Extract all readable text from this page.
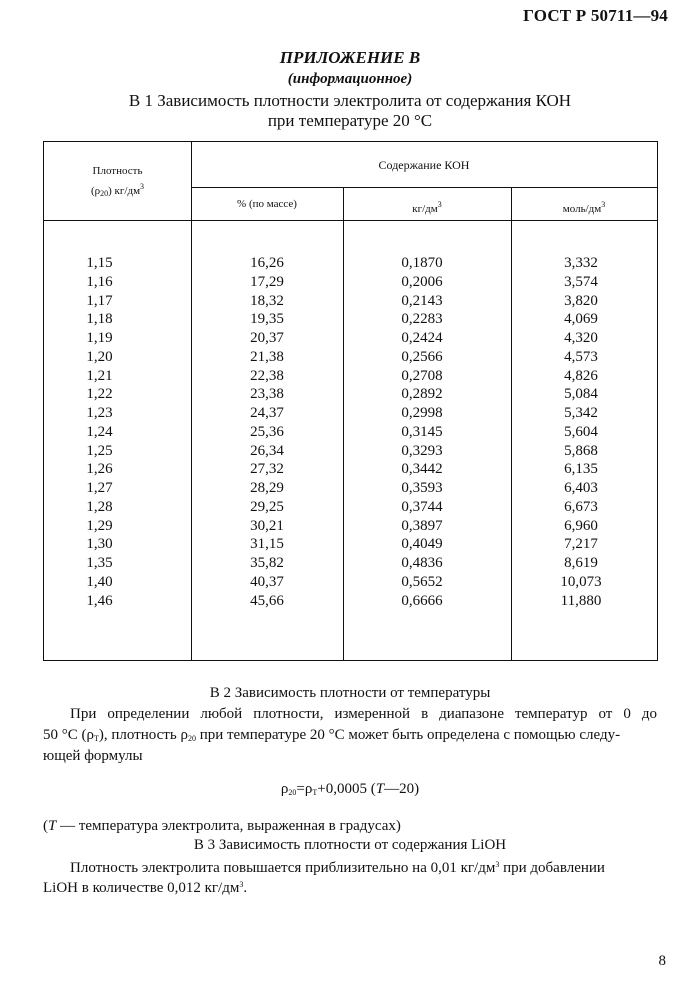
ГОСТ Р 50711—94
ПРИЛОЖЕНИЕ В
(информационное)
В 1 Зависимость плотности электролита от содержания КОН
при температуре 20 °С
Плотность
$(\rho_{20})$ $кг/дм^3$
Содержание КОН
% (по массе)	$кг/дм^3$	моль/$дм^3$
1,15	16,26	0,1870	3,332
1,16	17,29	0,2006	3,574
1,17	18,32	0,2143	3,820
1,18	19,35	0,2283	4,069
1,19	20,37	0,2424	4,320
1,20	21,38	0,2566	4,573
1,21	22,38	0,2708	4,826
1,22	23,38	0,2892	5,084
1,23	24,37	0,2998	5,342
1,24	25,36	0,3145	5,604
1,25	26,34	0,3293	5,868
1,26	27,32	0,3442	6,135
1,27	28,29	0,3593	6,403
1,28	29,25	0,3744	6,673
1,29	30,21	0,3897	6,960
1,30	31,15	0,4049	7,217
1,35	35,82	0,4836	8,619
1,40	40,37	0,5652	10,073
1,46	45,66	0,6666	11,880
В 2 Зависимость плотности от температуры
При определении любой плотности, измеренной в диапазоне температур от 0 до
50 °С $(\rho_T)$, плотность $\rho_{20}$ при температуре 20 °С может быть определена с помощью следу-
ющей формулы
$\rho_{20}=\rho_T+0,0005$ (T—20)
(T — температура электролита, выраженная в градусах)
В 3 Зависимость плотности от содержания LiOH
Плотность электролита повышается приблизительно на 0,01 $кг/дм^3$ при добавлении
LiOH в количестве 0,012 $кг/дм^3$.
8
